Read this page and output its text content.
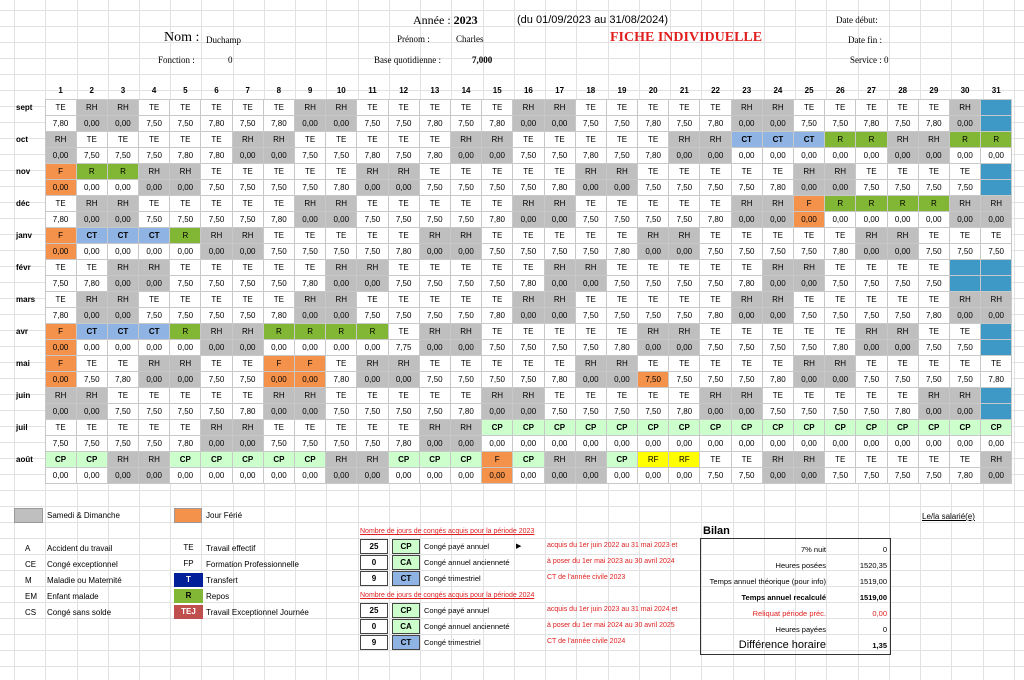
Année : 2023	(du 01/09/2023 au 31/08/2024)	Date début:
Nom : Duchamp	Prénom :	Charles	FICHE INDIVIDUELLE	Date fin :
Fonction :	0	Base quotidienne :	7,000	Service : 0
	1	2	3	4	5	6	7	8	9	10	11	12	13	14	15	16	17	18	19	20	21	22	23	24	25	26	27	28	29	30	31
sept	TE	RH	RH	TE	TE	TE	TE	TE	RH	RH	TE	TE	TE	TE	TE	RH	RH	TE	TE	TE	TE	TE	RH	RH	TE	TE	TE	TE	TE	RH	
	7,80	0,00	0,00	7,50	7,50	7,80	7,50	7,80	0,00	0,00	7,50	7,50	7,80	7,50	7,80	0,00	0,00	7,50	7,50	7,80	7,50	7,80	0,00	0,00	7,50	7,50	7,80	7,50	7,80	0,00	
oct	RH	TE	TE	TE	TE	TE	RH	RH	TE	TE	TE	TE	TE	RH	RH	TE	TE	TE	TE	TE	RH	RH	CT	CT	CT	R	R	RH	RH	R	R
	0,00	7,50	7,50	7,50	7,80	7,80	0,00	0,00	7,50	7,50	7,80	7,50	7,80	0,00	0,00	7,50	7,50	7,80	7,50	7,80	0,00	0,00	0,00	0,00	0,00	0,00	0,00	0,00	0,00	0,00	0,00
nov	F	R	R	RH	RH	TE	TE	TE	TE	TE	RH	RH	TE	TE	TE	TE	TE	RH	RH	TE	TE	TE	TE	TE	RH	RH	TE	TE	TE	TE	
	0,00	0,00	0,00	0,00	0,00	7,50	7,50	7,50	7,50	7,80	0,00	0,00	7,50	7,50	7,50	7,50	7,80	0,00	0,00	7,50	7,50	7,50	7,50	7,80	0,00	0,00	7,50	7,50	7,50	7,50	
déc	TE	RH	RH	TE	TE	TE	TE	TE	RH	RH	TE	TE	TE	TE	TE	RH	RH	TE	TE	TE	TE	TE	RH	RH	F	R	R	R	R	RH	RH
	7,80	0,00	0,00	7,50	7,50	7,50	7,50	7,80	0,00	0,00	7,50	7,50	7,50	7,50	7,80	0,00	0,00	7,50	7,50	7,50	7,50	7,80	0,00	0,00	0,00	0,00	0,00	0,00	0,00	0,00	0,00
janv	F	CT	CT	CT	R	RH	RH	TE	TE	TE	TE	TE	RH	RH	TE	TE	TE	TE	TE	RH	RH	TE	TE	TE	TE	TE	RH	RH	TE	TE	TE
	0,00	0,00	0,00	0,00	0,00	0,00	0,00	7,50	7,50	7,50	7,50	7,80	0,00	0,00	7,50	7,50	7,50	7,50	7,80	0,00	0,00	7,50	7,50	7,50	7,50	7,80	0,00	0,00	7,50	7,50	7,50
févr	TE	TE	RH	RH	TE	TE	TE	TE	TE	RH	RH	TE	TE	TE	TE	TE	RH	RH	TE	TE	TE	TE	TE	RH	RH	TE	TE	TE	TE		
	7,50	7,80	0,00	0,00	7,50	7,50	7,50	7,50	7,80	0,00	0,00	7,50	7,50	7,50	7,50	7,80	0,00	0,00	7,50	7,50	7,50	7,50	7,80	0,00	0,00	7,50	7,50	7,50	7,50		
mars	TE	RH	RH	TE	TE	TE	TE	TE	RH	RH	TE	TE	TE	TE	TE	RH	RH	TE	TE	TE	TE	TE	RH	RH	TE	TE	TE	TE	TE	RH	RH
	7,80	0,00	0,00	7,50	7,50	7,50	7,50	7,80	0,00	0,00	7,50	7,50	7,50	7,50	7,80	0,00	0,00	7,50	7,50	7,50	7,50	7,80	0,00	0,00	7,50	7,50	7,50	7,50	7,80	0,00	0,00
avr	F	CT	CT	CT	R	RH	RH	R	R	R	R	TE	RH	RH	TE	TE	TE	TE	TE	RH	RH	TE	TE	TE	TE	TE	RH	RH	TE	TE	
	0,00	0,00	0,00	0,00	0,00	0,00	0,00	0,00	0,00	0,00	0,00	7,75	0,00	0,00	7,50	7,50	7,50	7,50	7,80	0,00	0,00	7,50	7,50	7,50	7,50	7,80	0,00	0,00	7,50	7,50	
mai	F	TE	TE	RH	RH	TE	TE	F	F	TE	RH	RH	TE	TE	TE	TE	TE	RH	RH	TE	TE	TE	TE	TE	RH	RH	TE	TE	TE	TE	TE
	0,00	7,50	7,80	0,00	0,00	7,50	7,50	0,00	0,00	7,80	0,00	0,00	7,50	7,50	7,50	7,50	7,80	0,00	0,00	7,50	7,50	7,50	7,50	7,80	0,00	0,00	7,50	7,50	7,50	7,50	7,80
juin	RH	RH	TE	TE	TE	TE	TE	RH	RH	TE	TE	TE	TE	TE	RH	RH	TE	TE	TE	TE	TE	RH	RH	TE	TE	TE	TE	TE	RH	RH	
	0,00	0,00	7,50	7,50	7,50	7,50	7,80	0,00	0,00	7,50	7,50	7,50	7,50	7,80	0,00	0,00	7,50	7,50	7,50	7,50	7,80	0,00	0,00	7,50	7,50	7,50	7,50	7,80	0,00	0,00	
juil	TE	TE	TE	TE	TE	RH	RH	TE	TE	TE	TE	TE	RH	RH	CP	CP	CP	CP	CP	CP	CP	CP	CP	CP	CP	CP	CP	CP	CP	CP	CP
	7,50	7,50	7,50	7,50	7,80	0,00	0,00	7,50	7,50	7,50	7,50	7,80	0,00	0,00	0,00	0,00	0,00	0,00	0,00	0,00	0,00	0,00	0,00	0,00	0,00	0,00	0,00	0,00	0,00	0,00	0,00
août	CP	CP	RH	RH	CP	CP	CP	CP	CP	RH	RH	CP	CP	CP	F	CP	RH	RH	CP	RF	RF	TE	TE	RH	RH	TE	TE	TE	TE	TE	RH
	0,00	0,00	0,00	0,00	0,00	0,00	0,00	0,00	0,00	0,00	0,00	0,00	0,00	0,00	0,00	0,00	0,00	0,00	0,00	0,00	0,00	7,50	7,50	0,00	0,00	7,50	7,50	7,50	7,50	7,80	0,00
Samedi & Dimanche	Jour Férié	Le/la salarié(e)
A Accident du travail
CE Congé exceptionnel
M Maladie ou Maternité
EM Enfant malade
CS Congé sans solde
TE	Travail effectif
FP	Formation Professionnelle
T	Transfert
R	Repos
TEJ	Travail Exceptionnel Journée
Nombre de jours de congés acquis pour la période 2023
25	CP	Congé payé annuel	acquis du 1er juin 2022 au 31 mai 2023 et
▶
0	CA	Congé annuel ancienneté	à poser du 1er mai 2023 au 30 avril 2024
9	CT	Congé trimestriel	CT de l'année civile 2023
Nombre de jours de congés acquis pour la période 2024
25	CP	Congé payé annuel	acquis du 1er juin 2023 au 31 mai 2024 et
0	CA	Congé annuel ancienneté	à poser du 1er mai 2024 au 30 avril 2025
9	CT	Congé trimestriel	CT de l'année civile 2024
Bilan
7% nuit	0
Heures posées	1520,35
Temps annuel théorique (pour info)	1519,00
Temps annuel recalculé	1519,00
Reliquat période préc.	0,00
Heures payées	0
Différence horaire	1,35
